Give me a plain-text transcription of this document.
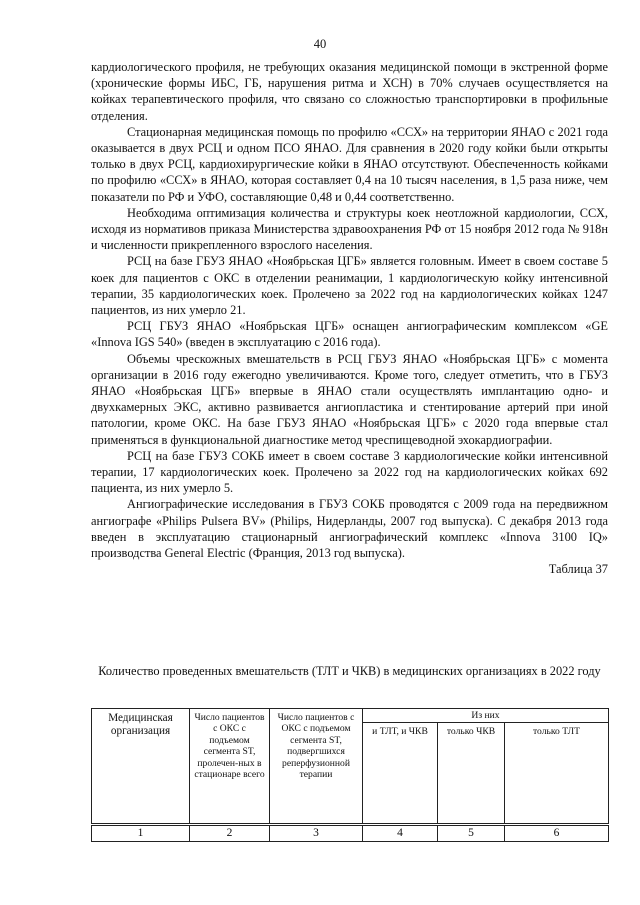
40

кардиологического профиля, не требующих оказания медицинской помощи в экстренной форме (хронические формы ИБС, ГБ, нарушения ритма и ХСН) в 70% случаев осуществляется на койках терапевтического профиля, что связано со сложностью транспортировки в профильные отделения.

Стационарная медицинская помощь по профилю «ССХ» на территории ЯНАО с 2021 года оказывается в двух РСЦ и одном ПСО ЯНАО. Для сравнения в 2020 году койки были открыты только в двух РСЦ, кардиохирургические койки в ЯНАО отсутствуют. Обеспеченность койками по профилю «ССХ» в ЯНАО, которая составляет 0,4 на 10 тысяч населения, в 1,5 раза ниже, чем показатели по РФ и УФО, составляющие 0,48 и 0,44 соответственно.

Необходима оптимизация количества и структуры коек неотложной кардиологии, ССХ, исходя из нормативов приказа Министерства здравоохранения РФ от 15 ноября 2012 года № 918н и численности прикрепленного взрослого населения.

РСЦ на базе ГБУЗ ЯНАО «Ноябрьская ЦГБ» является головным. Имеет в своем составе 5 коек для пациентов с ОКС в отделении реанимации, 1 кардиологическую койку интенсивной терапии, 35 кардиологических коек. Пролечено за 2022 год на кардиологических койках 1247 пациентов, из них умерло 21.

РСЦ ГБУЗ ЯНАО «Ноябрьская ЦГБ» оснащен ангиографическим комплексом «GE «Innova IGS 540» (введен в эксплуатацию с 2016 года).

Объемы чрескожных вмешательств в РСЦ ГБУЗ ЯНАО «Ноябрьская ЦГБ» с момента организации в 2016 году ежегодно увеличиваются. Кроме того, следует отметить, что в ГБУЗ ЯНАО «Ноябрьская ЦГБ» впервые в ЯНАО стали осуществлять имплантацию одно- и двухкамерных ЭКС, активно развивается ангиопластика и стентирование артерий при иной патологии, кроме ОКС. На базе ГБУЗ ЯНАО «Ноябрьская ЦГБ» с 2020 года впервые стал применяться в функциональной диагностике метод чреспищеводной эхокардиографии.

РСЦ на базе ГБУЗ СОКБ имеет в своем составе 3 кардиологические койки интенсивной терапии, 17 кардиологических коек. Пролечено за 2022 год на кардиологических койках 692 пациента, из них умерло 5.

Ангиографические исследования в ГБУЗ СОКБ проводятся с 2009 года на передвижном ангиографе «Philips Pulsera BV» (Philips, Нидерланды, 2007 год выпуска). С декабря 2013 года введен в эксплуатацию стационарный ангиографический комплекс «Innova 3100 IQ» производства General Electric (Франция, 2013 год выпуска).

Таблица 37

Количество проведенных вмешательств (ТЛТ и ЧКВ) в медицинских организациях в 2022 году
Медицинская организация	Число пациентов с ОКС с подъемом сегмента ST, пролечен-ных в стационаре всего	Число пациентов с ОКС с подъемом сегмента ST, подвергшихся реперфузионной терапии	Из них		
			и ТЛТ, и ЧКВ	только ЧКВ	только ТЛТ
1	2	3	4	5	6
